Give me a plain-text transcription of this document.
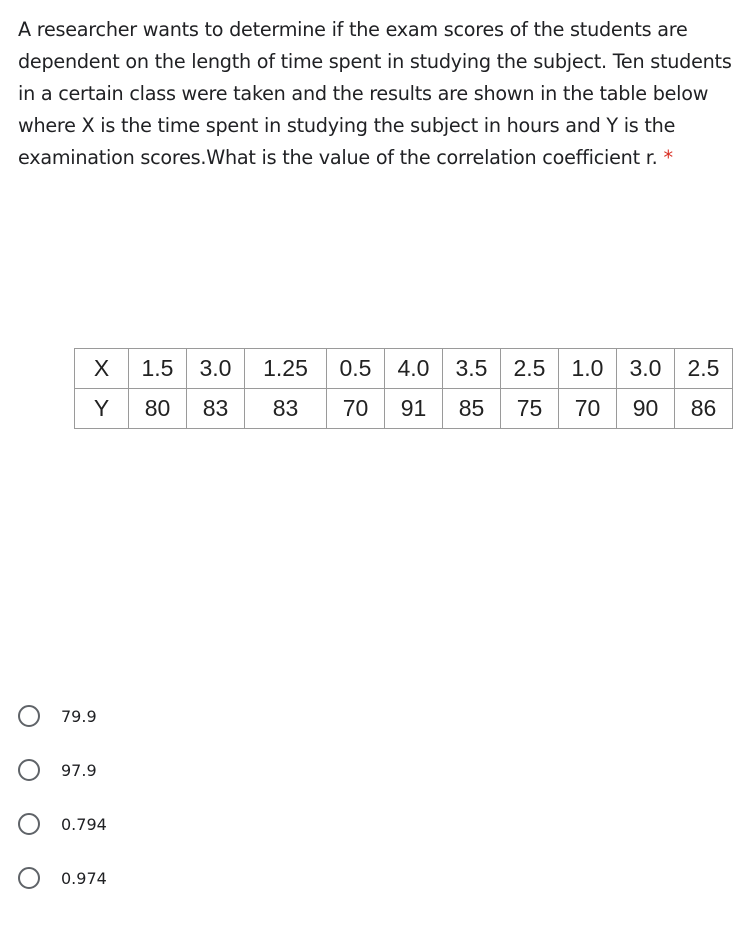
A researcher wants to determine if the exam scores of the students are dependent on the length of time spent in studying the subject. Ten students in a certain class were taken and the results are shown in the table below where X is the time spent in studying the subject in hours and Y is the examination scores.What is the value of the correlation coefficient r. *

X	1.5	3.0	1.25	0.5	4.0	3.5	2.5	1.0	3.0	2.5
Y	80	83	83	70	91	85	75	70	90	86
79.9
97.9
0.794
0.974
